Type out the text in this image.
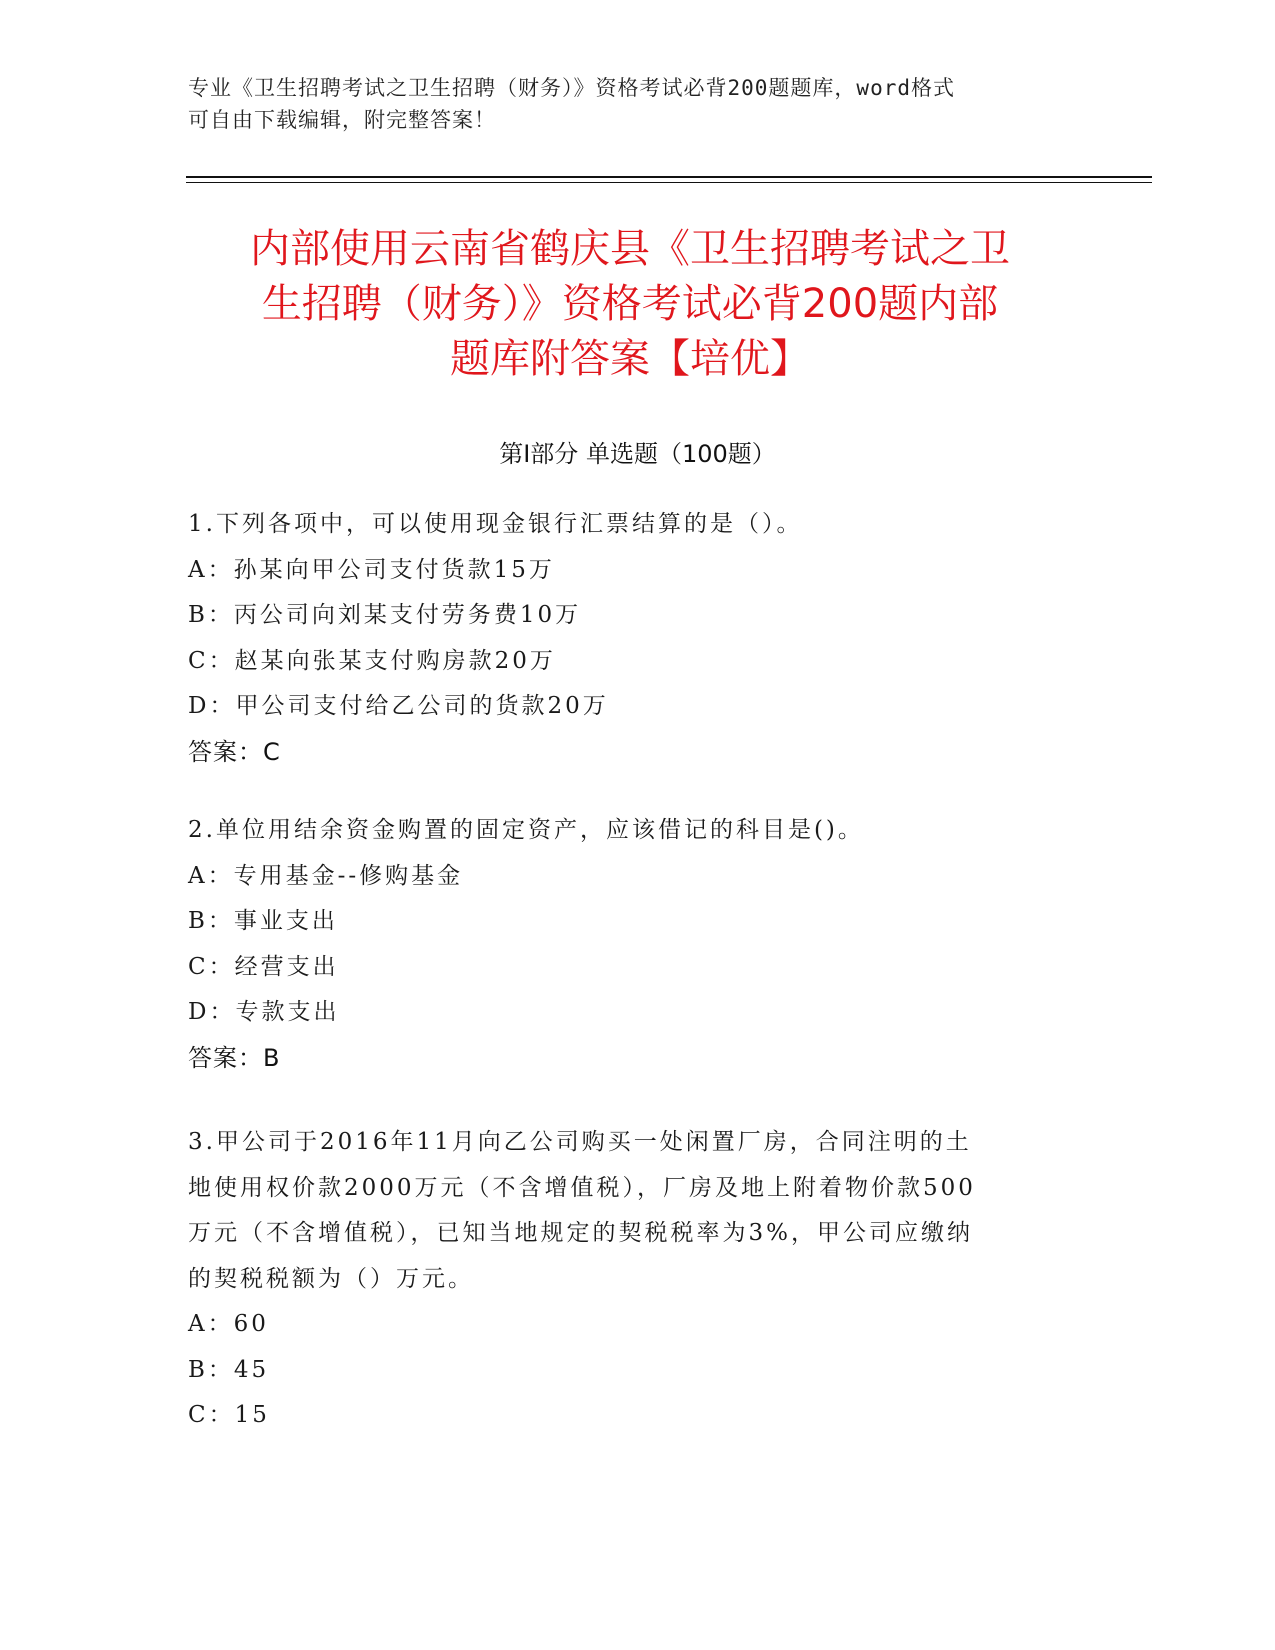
专业《卫生招聘考试之卫生招聘（财务）》资格考试必背200题题库，word格式
可自由下载编辑，附完整答案！
内部使用云南省鹤庆县《卫生招聘考试之卫
生招聘（财务）》资格考试必背200题内部
题库附答案【培优】
第Ⅰ部分 单选题（100题）
1.下列各项中，可以使用现金银行汇票结算的是（）。
A：孙某向甲公司支付货款15万
B：丙公司向刘某支付劳务费10万
C：赵某向张某支付购房款20万
D：甲公司支付给乙公司的货款20万
答案：C
2.单位用结余资金购置的固定资产，应该借记的科目是()。
A：专用基金--修购基金
B：事业支出
C：经营支出
D：专款支出
答案：B
3.甲公司于2016年11月向乙公司购买一处闲置厂房，合同注明的土
地使用权价款2000万元（不含增值税），厂房及地上附着物价款500
万元（不含增值税），已知当地规定的契税税率为3%，甲公司应缴纳
的契税税额为（）万元。
A：60
B：45
C：15
